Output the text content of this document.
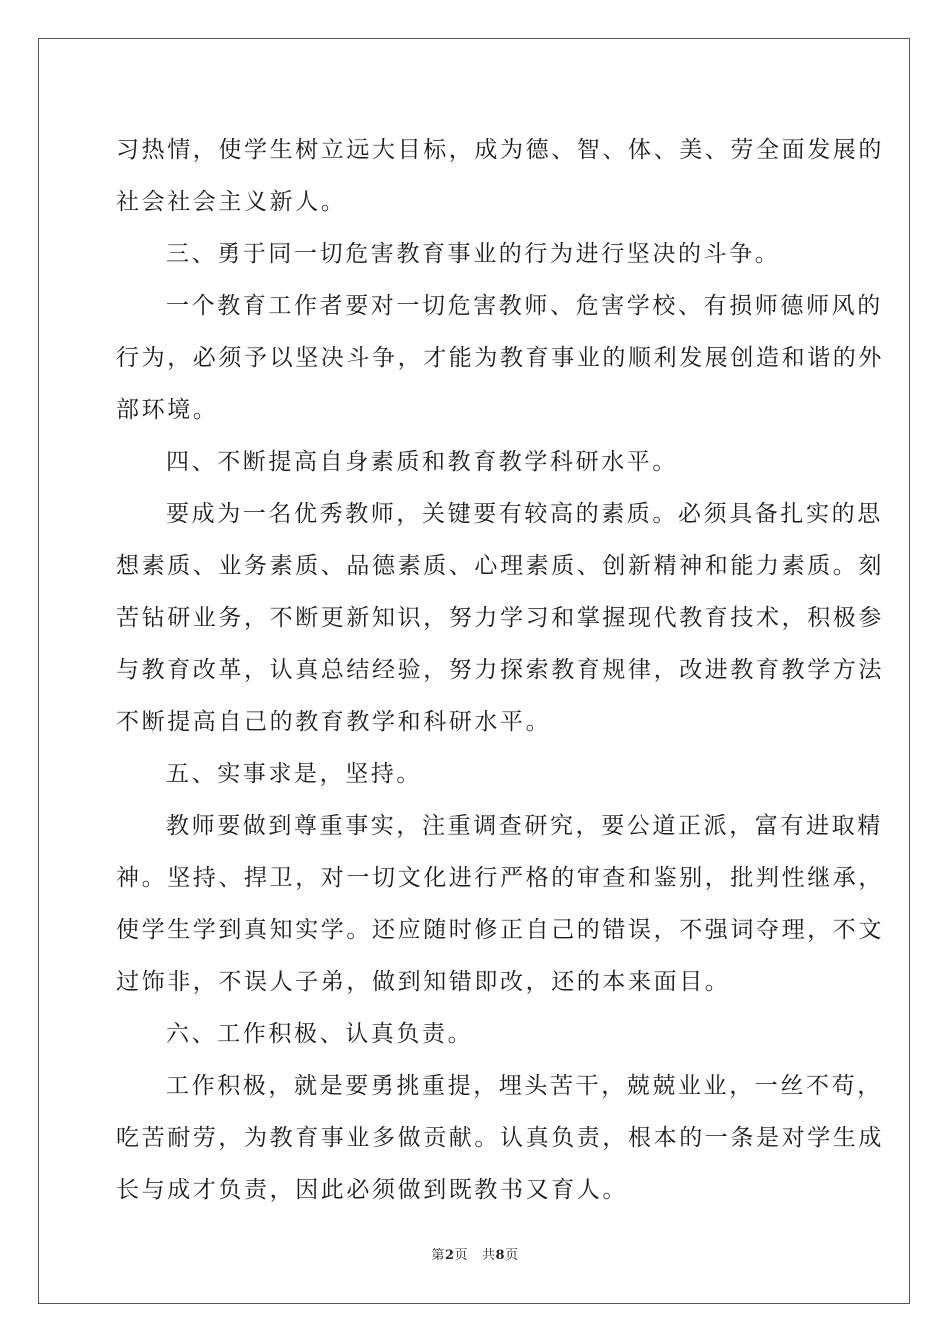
习热情，使学生树立远大目标，成为德、智、体、美、劳全面发展的
社会社会主义新人。
三、勇于同一切危害教育事业的行为进行坚决的斗争。
一个教育工作者要对一切危害教师、危害学校、有损师德师风的
行为，必须予以坚决斗争，才能为教育事业的顺利发展创造和谐的外
部环境。
四、不断提高自身素质和教育教学科研水平。
要成为一名优秀教师，关键要有较高的素质。必须具备扎实的思
想素质、业务素质、品德素质、心理素质、创新精神和能力素质。刻
苦钻研业务，不断更新知识，努力学习和掌握现代教育技术，积极参
与教育改革，认真总结经验，努力探索教育规律，改进教育教学方法
不断提高自己的教育教学和科研水平。
五、实事求是，坚持。
教师要做到尊重事实，注重调查研究，要公道正派，富有进取精
神。坚持、捍卫，对一切文化进行严格的审查和鉴别，批判性继承，
使学生学到真知实学。还应随时修正自己的错误，不强词夺理，不文
过饰非，不误人子弟，做到知错即改，还的本来面目。
六、工作积极、认真负责。
工作积极，就是要勇挑重提，埋头苦干，兢兢业业，一丝不苟，
吃苦耐劳，为教育事业多做贡献。认真负责，根本的一条是对学生成
长与成才负责，因此必须做到既教书又育人。
第2页 共8页
